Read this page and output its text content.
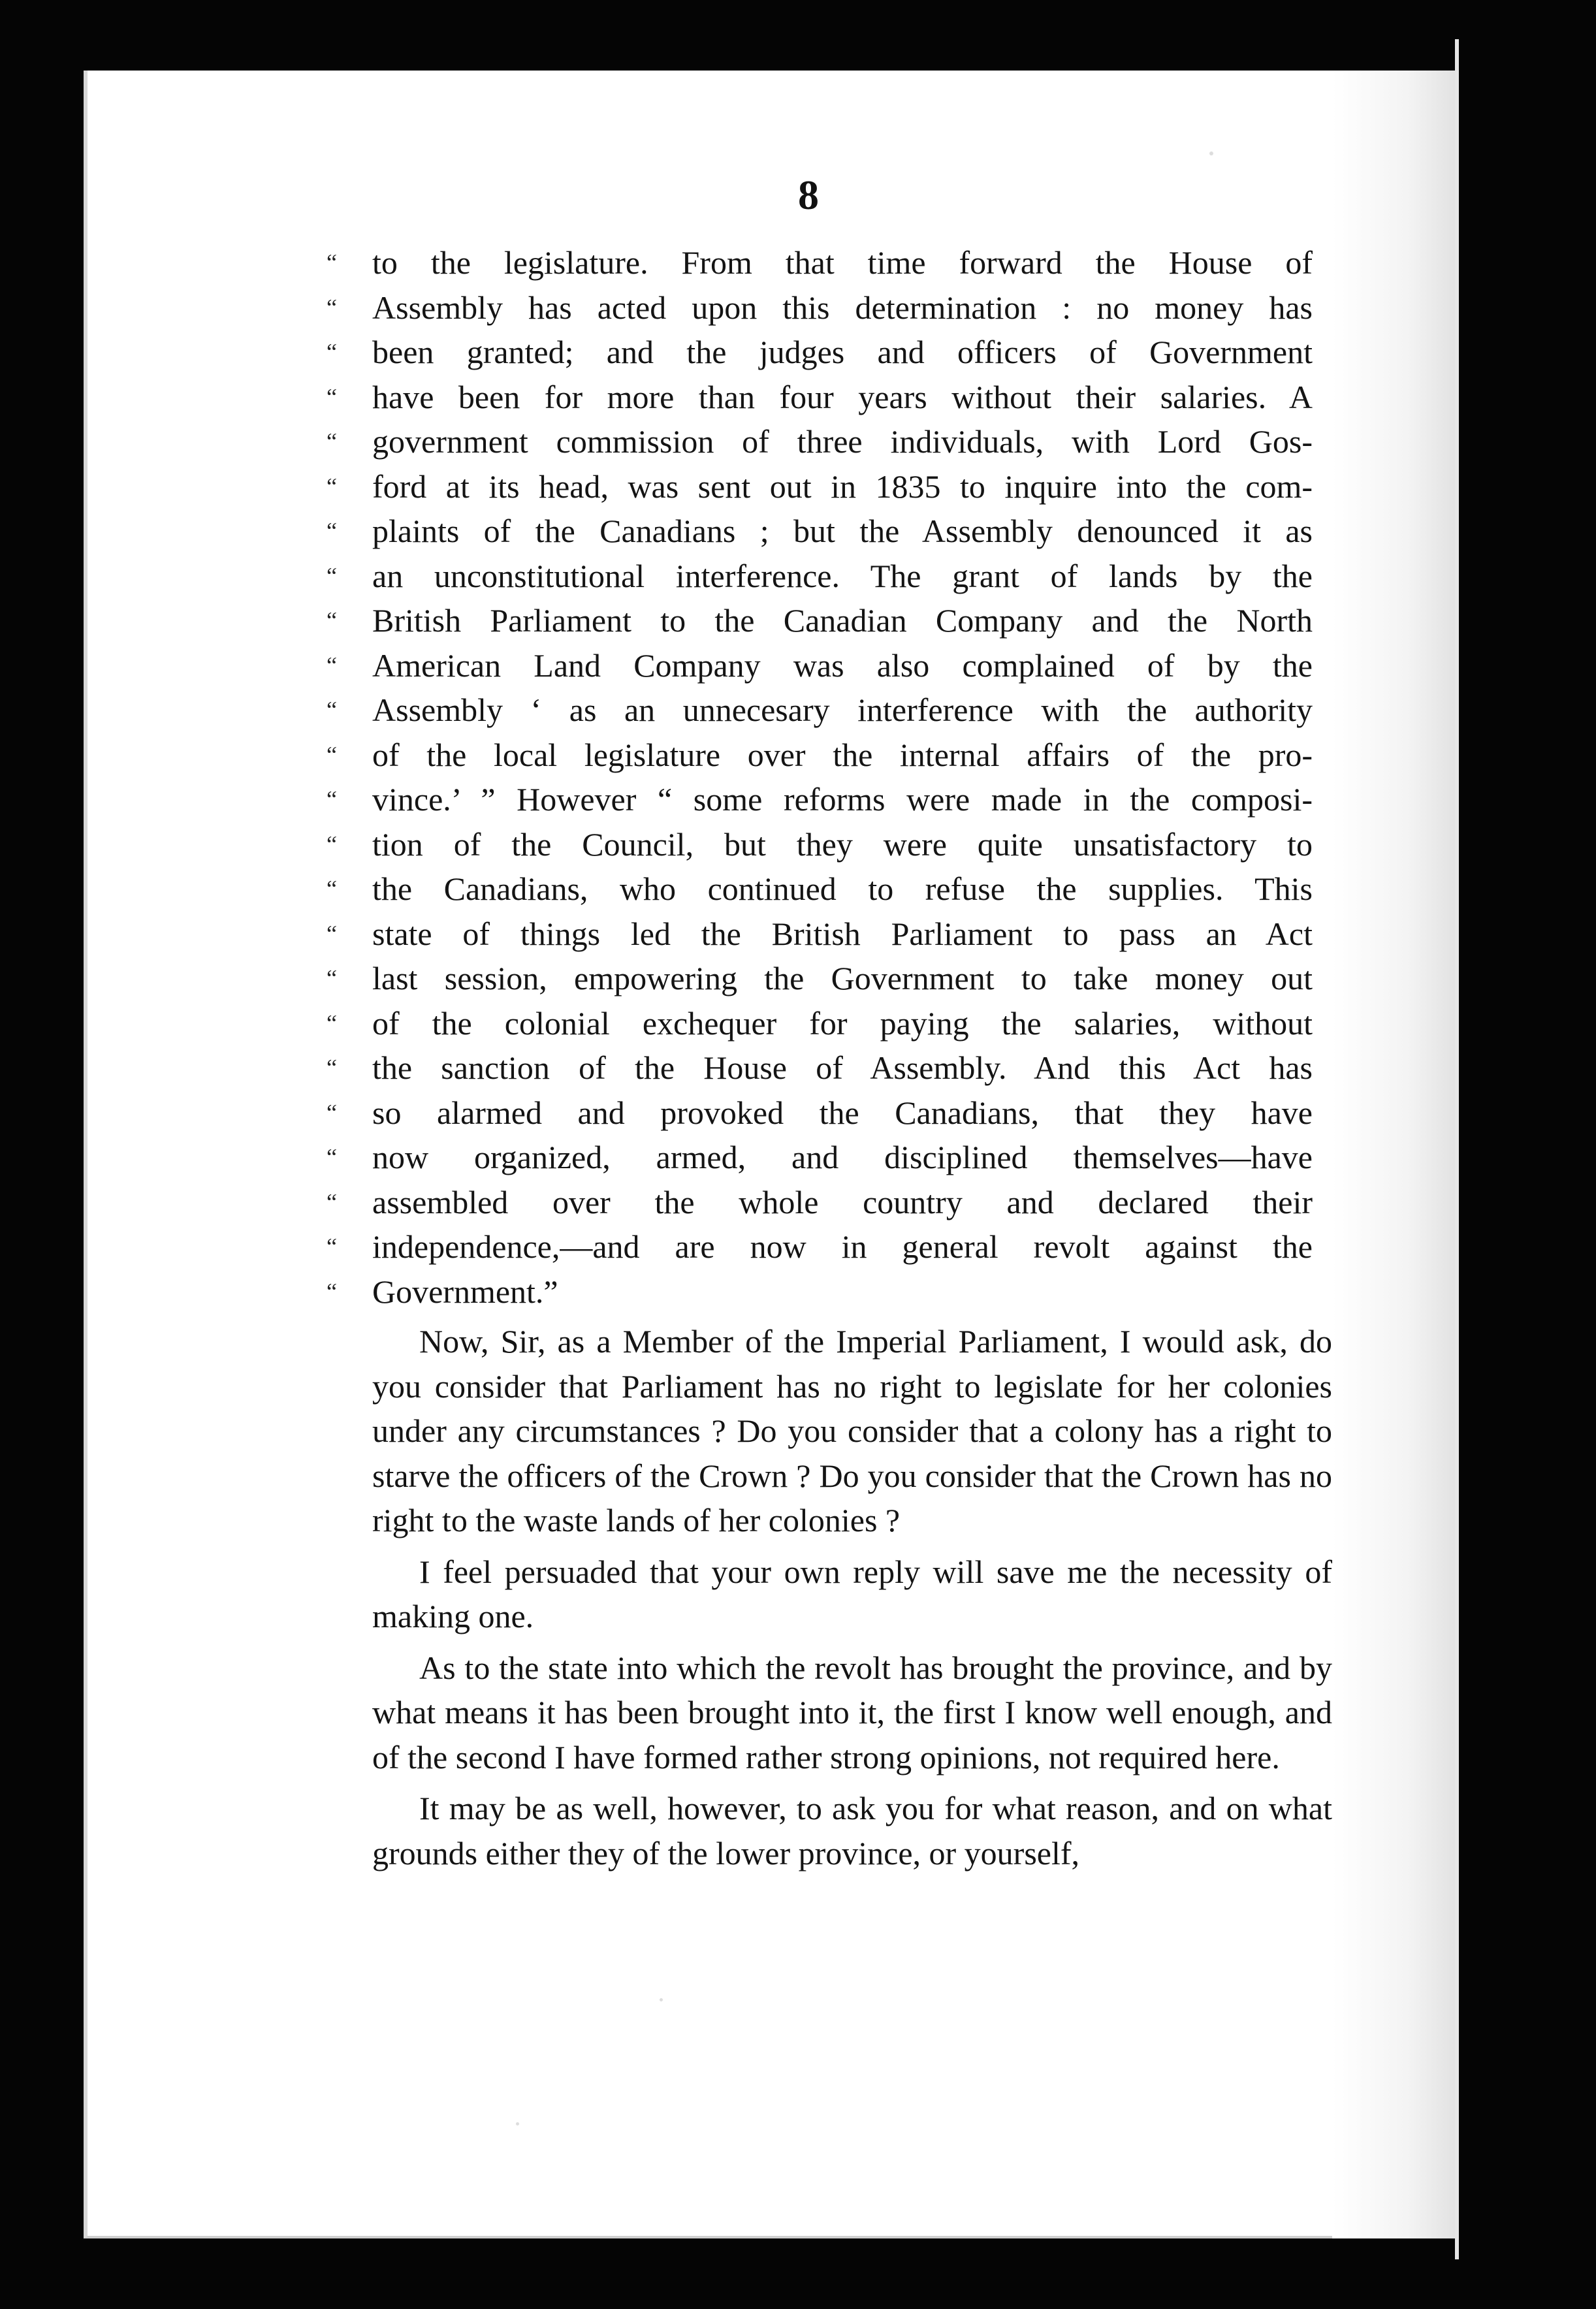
8
“ to the legislature. From that time forward the House of
“ Assembly has acted upon this determination : no money has
“ been granted; and the judges and officers of Government
“ have been for more than four years without their salaries. A
“ government commission of three individuals, with Lord Gos-
“ ford at its head, was sent out in 1835 to inquire into the com-
“ plaints of the Canadians ; but the Assembly denounced it as
“ an unconstitutional interference. The grant of lands by the
“ British Parliament to the Canadian Company and the North
“ American Land Company was also complained of by the
“ Assembly ‘ as an unnecesary interference with the authority
“ of the local legislature over the internal affairs of the pro-
“ vince.’ ” However “ some reforms were made in the composi-
“ tion of the Council, but they were quite unsatisfactory to
“ the Canadians, who continued to refuse the supplies. This
“ state of things led the British Parliament to pass an Act
“ last session, empowering the Government to take money out
“ of the colonial exchequer for paying the salaries, without
“ the sanction of the House of Assembly. And this Act has
“ so alarmed and provoked the Canadians, that they have
“ now organized, armed, and disciplined themselves—have
“ assembled over the whole country and declared their
“ independence,—and are now in general revolt against the
“ Government.”

Now, Sir, as a Member of the Imperial Parliament, I would ask, do you consider that Parliament has no right to legislate for her colonies under any circumstances ? Do you consider that a colony has a right to starve the officers of the Crown ? Do you consider that the Crown has no right to the waste lands of her colonies ?

I feel persuaded that your own reply will save me the necessity of making one.

As to the state into which the revolt has brought the province, and by what means it has been brought into it, the first I know well enough, and of the second I have formed rather strong opinions, not required here.

It may be as well, however, to ask you for what reason, and on what grounds either they of the lower province, or yourself,
